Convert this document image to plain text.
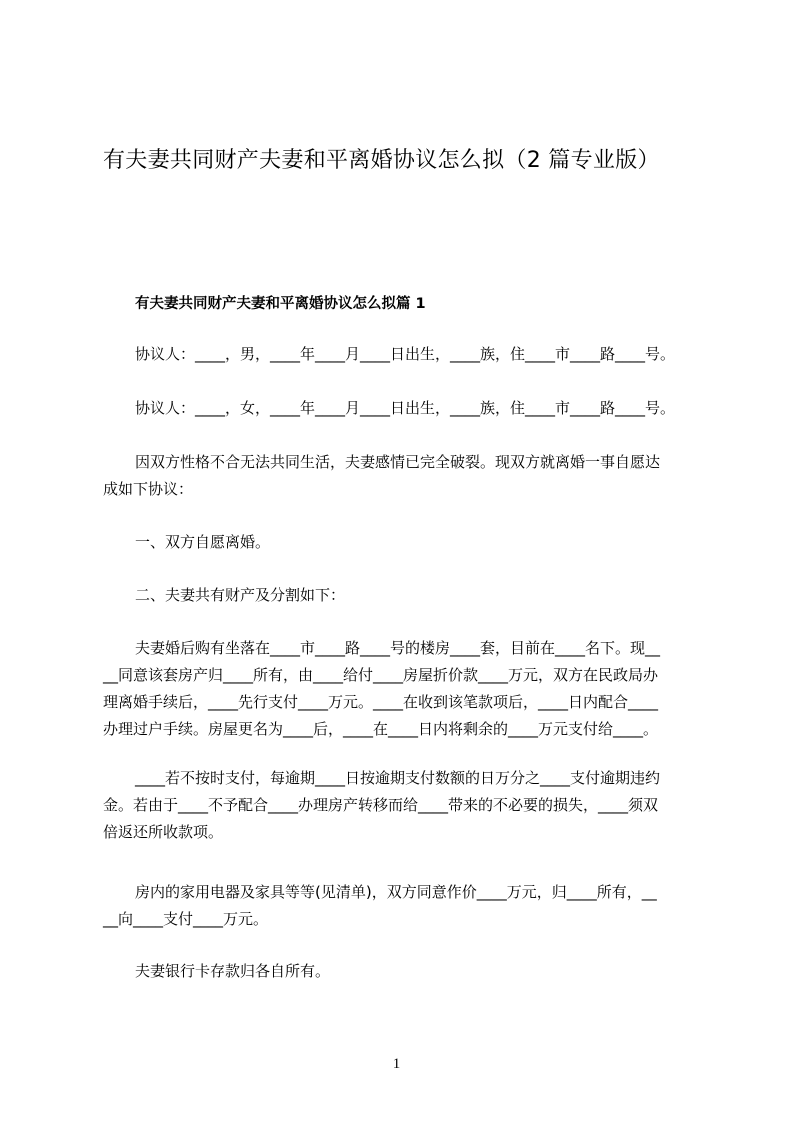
有夫妻共同财产夫妻和平离婚协议怎么拟（2 篇专业版）
有夫妻共同财产夫妻和平离婚协议怎么拟篇 1
协议人：____，男，____年____月____日出生，____族，住____市____路____号。
协议人：____，女，____年____月____日出生，____族，住____市____路____号。
因双方性格不合无法共同生活，夫妻感情已完全破裂。现双方就离婚一事自愿达
成如下协议：
一、双方自愿离婚。
二、夫妻共有财产及分割如下：
夫妻婚后购有坐落在____市____路____号的楼房____套，目前在____名下。现__
__同意该套房产归____所有，由____给付____房屋折价款____万元，双方在民政局办
理离婚手续后，____先行支付____万元。____在收到该笔款项后，____日内配合____
办理过户手续。房屋更名为____后，____在____日内将剩余的____万元支付给____。
____若不按时支付，每逾期____日按逾期支付数额的日万分之____支付逾期违约
金。若由于____不予配合____办理房产转移而给____带来的不必要的损失，____须双
倍返还所收款项。
房内的家用电器及家具等等(见清单)，双方同意作价____万元，归____所有，__
__向____支付____万元。
夫妻银行卡存款归各自所有。
1
